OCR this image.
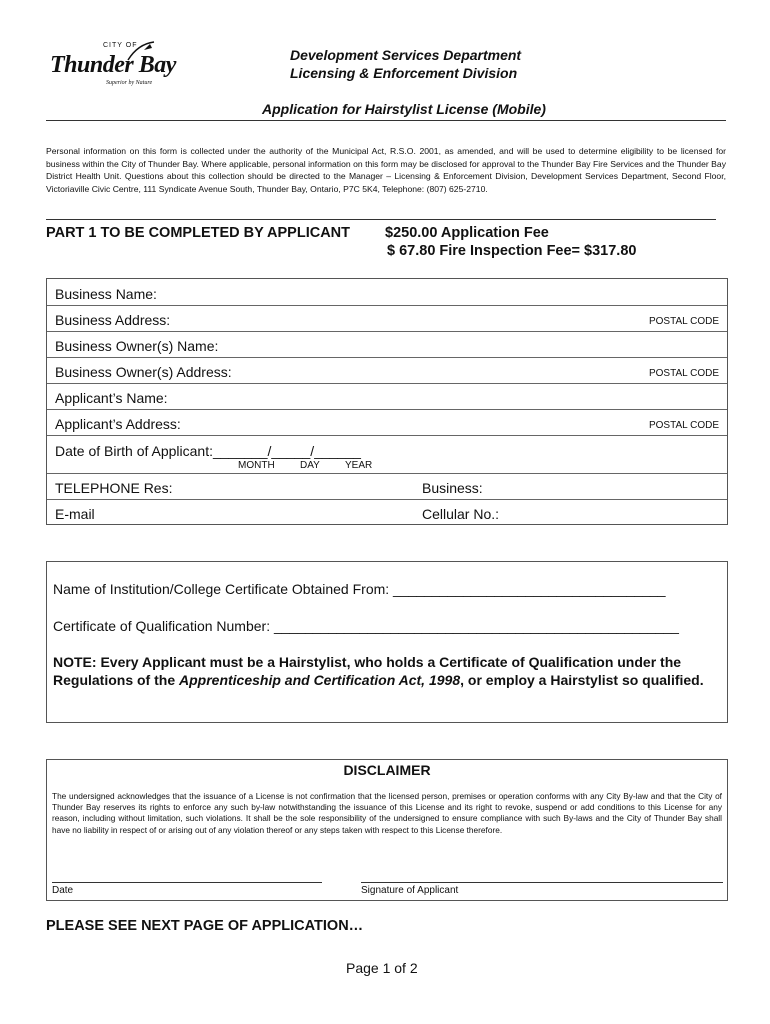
CITY OF
Thunder Bay
Superior by Nature
Development Services Department
Licensing & Enforcement Division
Application for Hairstylist License (Mobile)
Personal information on this form is collected under the authority of the Municipal Act, R.S.O. 2001, as amended, and will be used to determine eligibility to be licensed for business within the City of Thunder Bay. Where applicable, personal information on this form may be disclosed for approval to the Thunder Bay Fire Services and the Thunder Bay District Health Unit. Questions about this collection should be directed to the Manager – Licensing & Enforcement Division, Development Services Department, Second Floor, Victoriaville Civic Centre, 111 Syndicate Avenue South, Thunder Bay, Ontario, P7C 5K4, Telephone: (807) 625-2710.
PART 1 TO BE COMPLETED BY APPLICANT $250.00 Application Fee
$ 67.80 Fire Inspection Fee= $317.80
Business Name:
Business Address:	POSTAL CODE
Business Owner(s) Name:
Business Owner(s) Address:	POSTAL CODE
Applicant’s Name:
Applicant’s Address:	POSTAL CODE
Date of Birth of Applicant:_______/_____/______
MONTH	DAY	YEAR
TELEPHONE Res:	Business:
E-mail	Cellular No.:
Name of Institution/College Certificate Obtained From: ___________________________________
Certificate of Qualification Number: ____________________________________________________
NOTE: Every Applicant must be a Hairstylist, who holds a Certificate of Qualification under the Regulations of the Apprenticeship and Certification Act, 1998, or employ a Hairstylist so qualified.
DISCLAIMER
The undersigned acknowledges that the issuance of a License is not confirmation that the licensed person, premises or operation conforms with any City By-law and that the City of Thunder Bay reserves its rights to enforce any such by-law notwithstanding the issuance of this License and its right to revoke, suspend or add conditions to this License for any reason, including without limitation, such violations. It shall be the sole responsibility of the undersigned to ensure compliance with such By-laws and the City of Thunder Bay shall have no liability in respect of or arising out of any violation thereof or any steps taken with respect to this License therefore.
Date	Signature of Applicant
PLEASE SEE NEXT PAGE OF APPLICATION…
Page 1 of 2
